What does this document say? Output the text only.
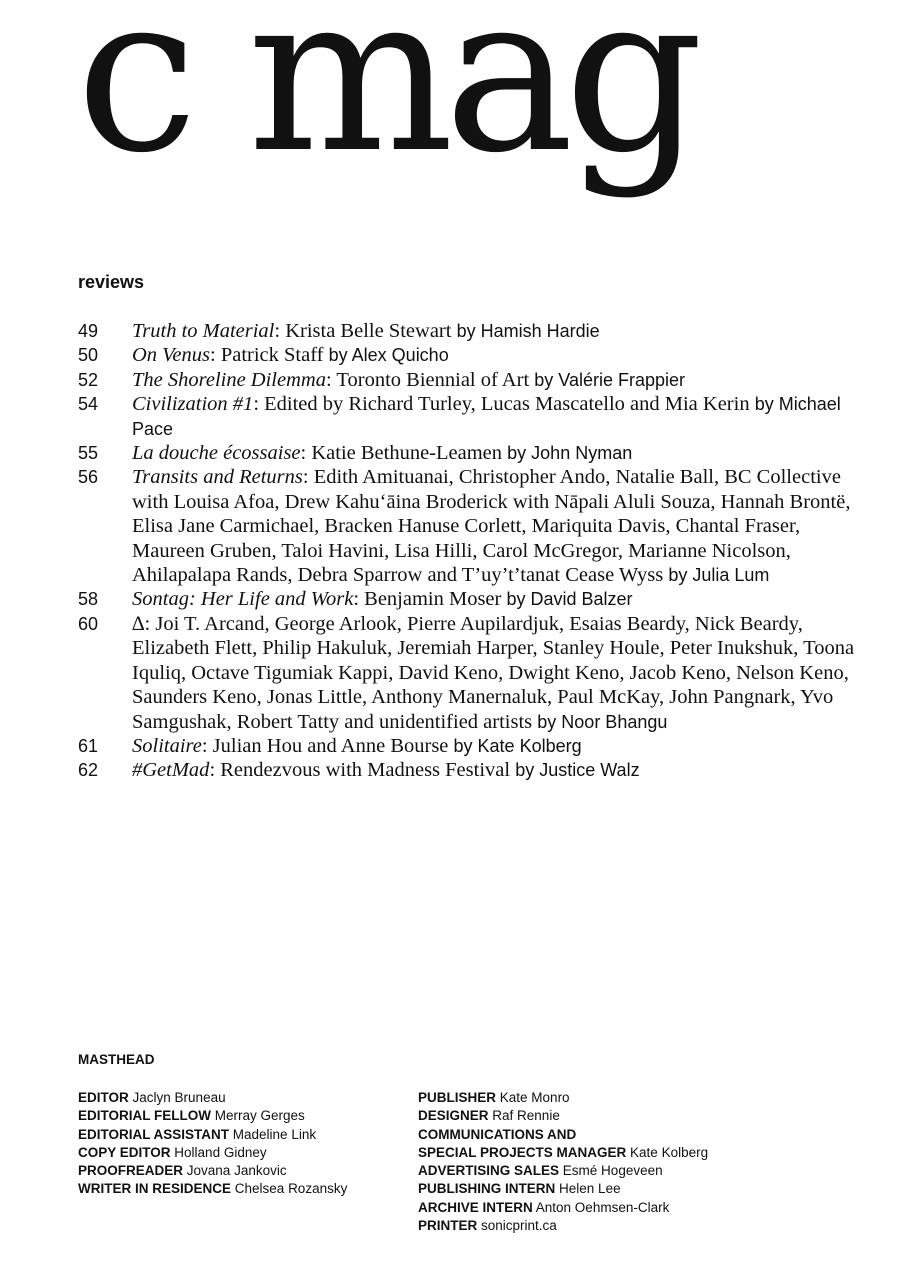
c mag
reviews
49	Truth to Material: Krista Belle Stewart by Hamish Hardie
50	On Venus: Patrick Staff by Alex Quicho
52	The Shoreline Dilemma: Toronto Biennial of Art by Valérie Frappier
54	Civilization #1: Edited by Richard Turley, Lucas Mascatello and Mia Kerin by Michael Pace
55	La douche écossaise: Katie Bethune-Leamen by John Nyman
56	Transits and Returns: Edith Amituanai, Christopher Ando, Natalie Ball, BC Collective with Louisa Afoa, Drew Kahuʻāina Broderick with Nāpali Aluli Souza, Hannah Brontë, Elisa Jane Carmichael, Bracken Hanuse Corlett, Mariquita Davis, Chantal Fraser, Maureen Gruben, Taloi Havini, Lisa Hilli, Carol McGregor, Marianne Nicolson, Ahilapalapa Rands, Debra Sparrow and T’uy’t’tanat Cease Wyss by Julia Lum
58	Sontag: Her Life and Work: Benjamin Moser by David Balzer
60	∆: Joi T. Arcand, George Arlook, Pierre Aupilardjuk, Esaias Beardy, Nick Beardy, Elizabeth Flett, Philip Hakuluk, Jeremiah Harper, Stanley Houle, Peter Inukshuk, Toona Iquliq, Octave Tigumiak Kappi, David Keno, Dwight Keno, Jacob Keno, Nelson Keno, Saunders Keno, Jonas Little, Anthony Manernaluk, Paul McKay, John Pangnark, Yvo Samgushak, Robert Tatty and unidentified artists by Noor Bhangu
61	Solitaire: Julian Hou and Anne Bourse by Kate Kolberg
62	#GetMad: Rendezvous with Madness Festival by Justice Walz
MASTHEAD
EDITOR Jaclyn Bruneau
EDITORIAL FELLOW Merray Gerges
EDITORIAL ASSISTANT Madeline Link
COPY EDITOR Holland Gidney
PROOFREADER Jovana Jankovic
WRITER IN RESIDENCE Chelsea Rozansky
PUBLISHER Kate Monro
DESIGNER Raf Rennie
COMMUNICATIONS AND
SPECIAL PROJECTS MANAGER Kate Kolberg
ADVERTISING SALES Esmé Hogeveen
PUBLISHING INTERN Helen Lee
ARCHIVE INTERN Anton Oehmsen-Clark
PRINTER sonicprint.ca
